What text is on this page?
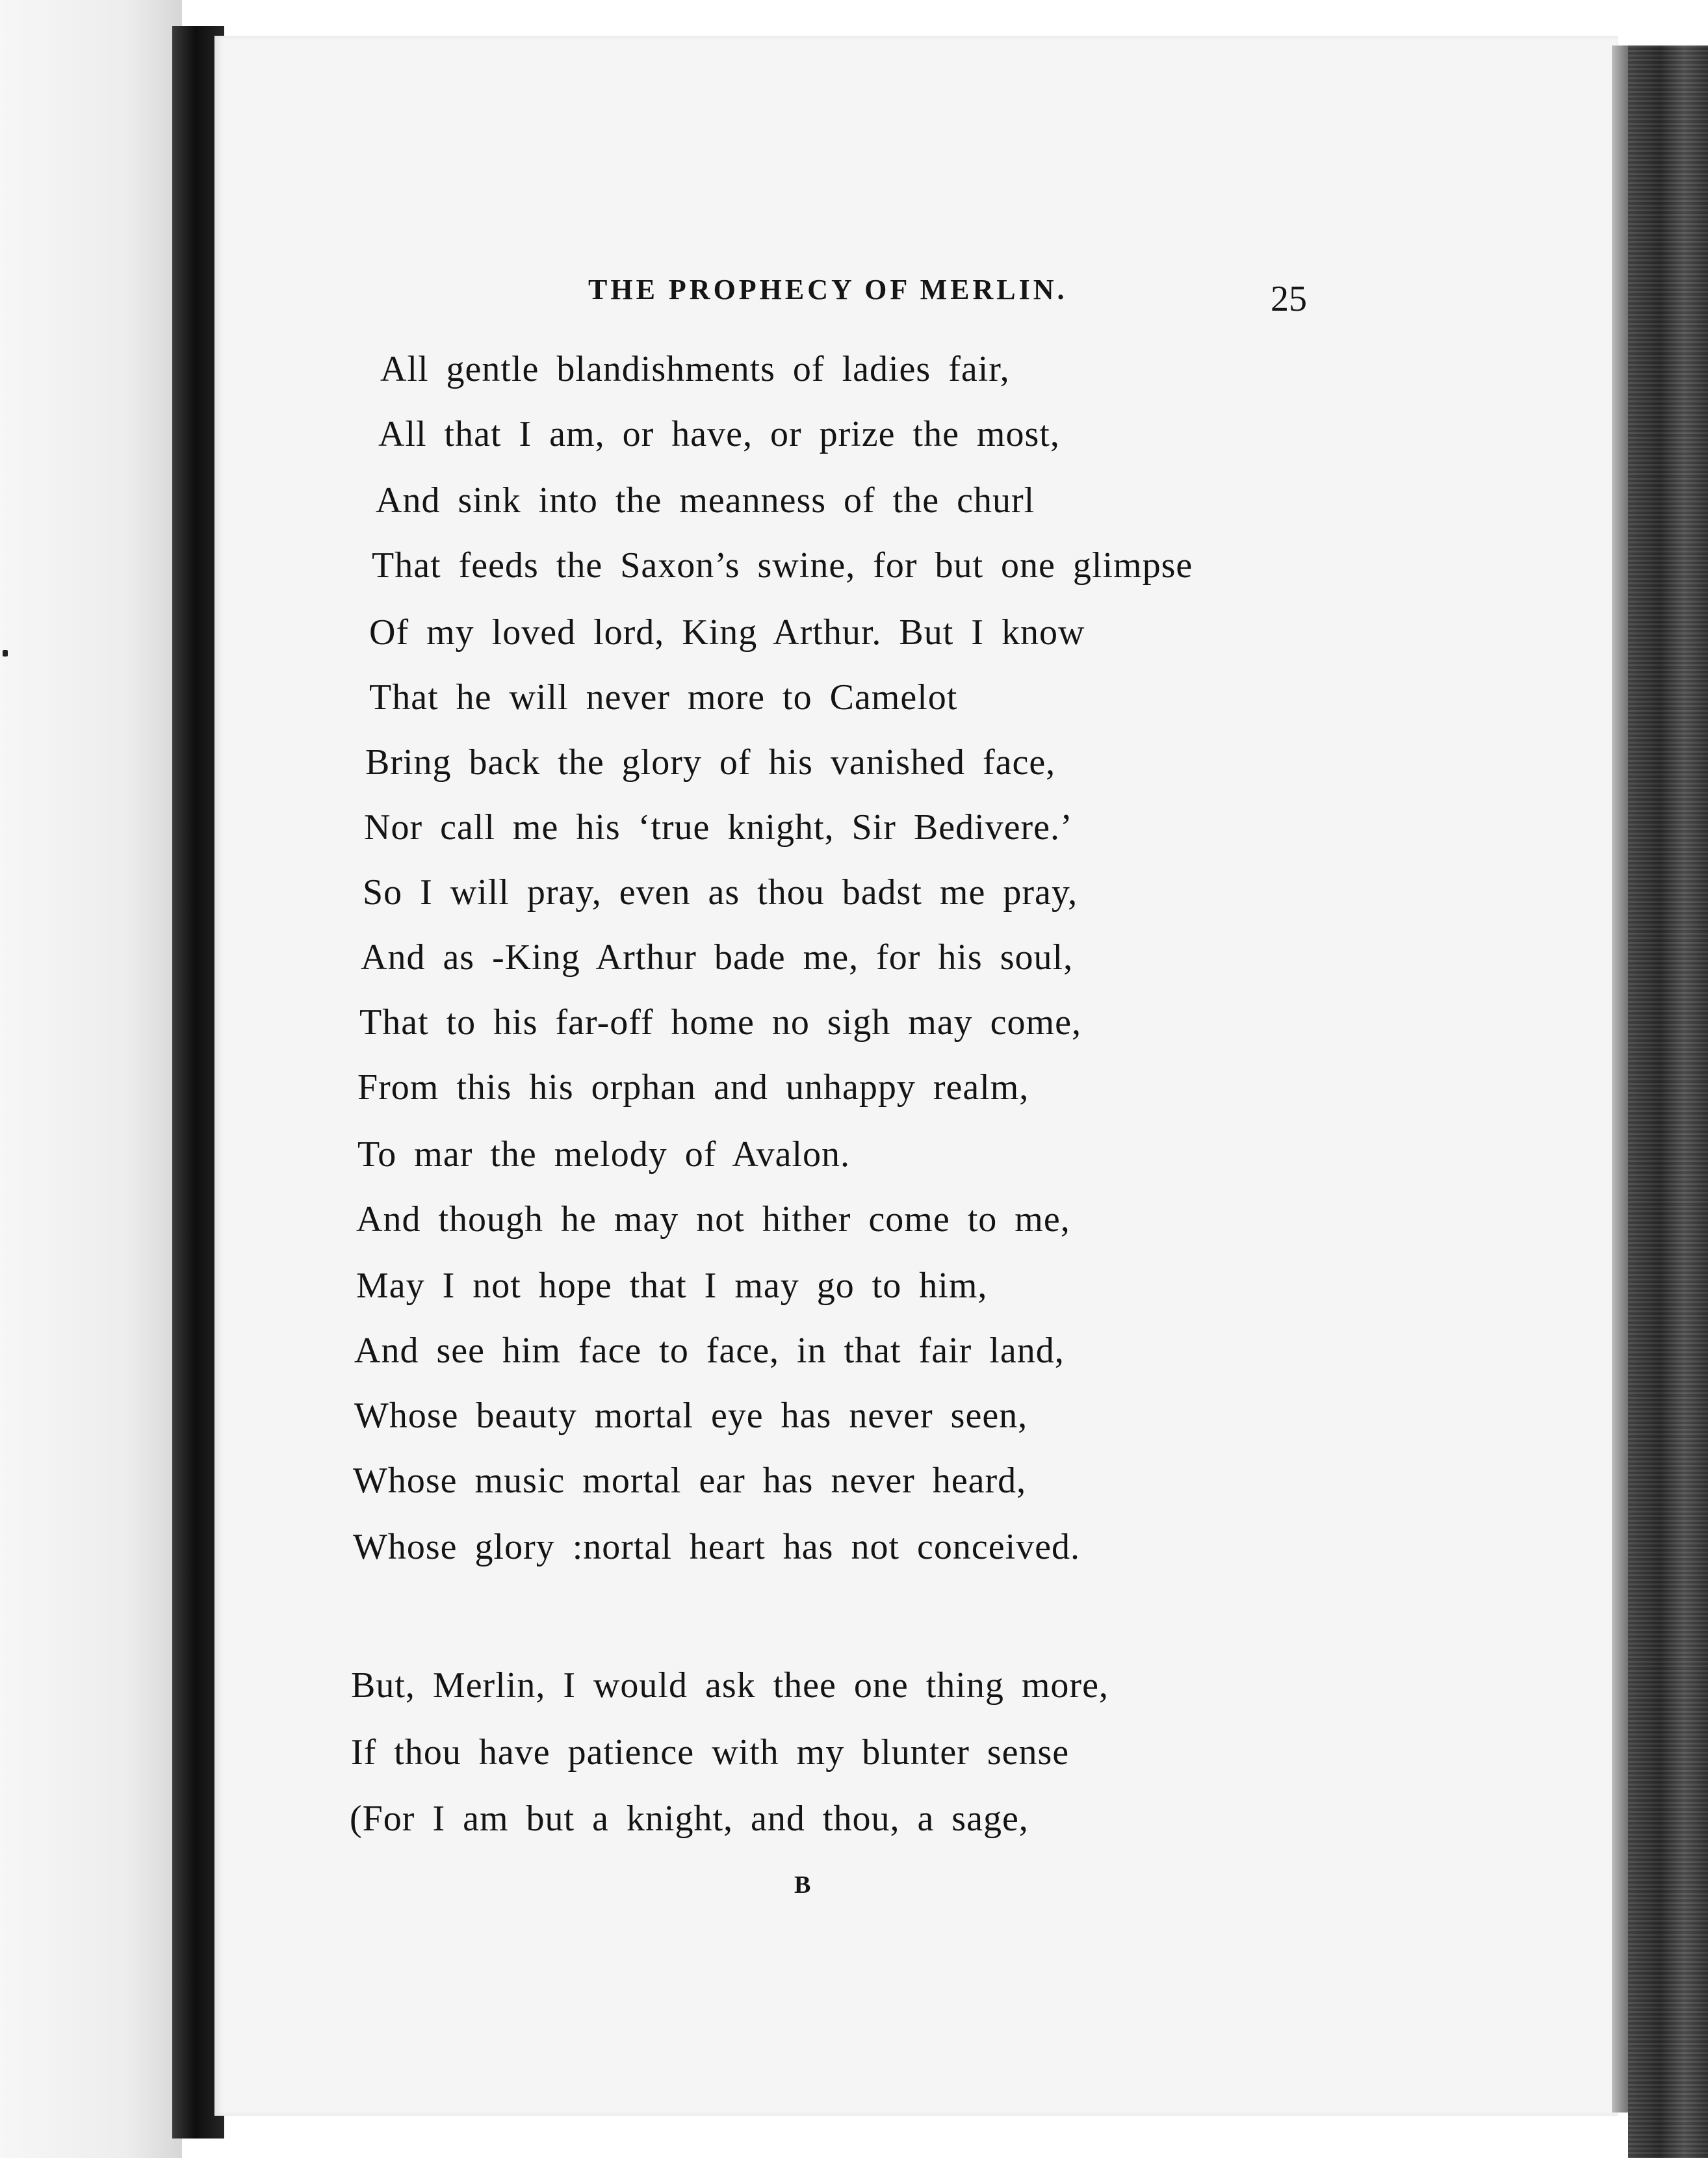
THE PROPHECY OF MERLIN.	25
All gentle blandishments of ladies fair,
All that I am, or have, or prize the most,
And sink into the meanness of the churl
That feeds the Saxon’s swine, for but one glimpse
Of my loved lord, King Arthur. But I know
That he will never more to Camelot
Bring back the glory of his vanished face,
Nor call me his ‘true knight, Sir Bedivere.’
So I will pray, even as thou badst me pray,
And as -King Arthur bade me, for his soul,
That to his far-off home no sigh may come,
From this his orphan and unhappy realm,
To mar the melody of Avalon.
And though he may not hither come to me,
May I not hope that I may go to him,
And see him face to face, in that fair land,
Whose beauty mortal eye has never seen,
Whose music mortal ear has never heard,
Whose glory :nortal heart has not conceived.
But, Merlin, I would ask thee one thing more,
If thou have patience with my blunter sense
(For I am but a knight, and thou, a sage,
B
